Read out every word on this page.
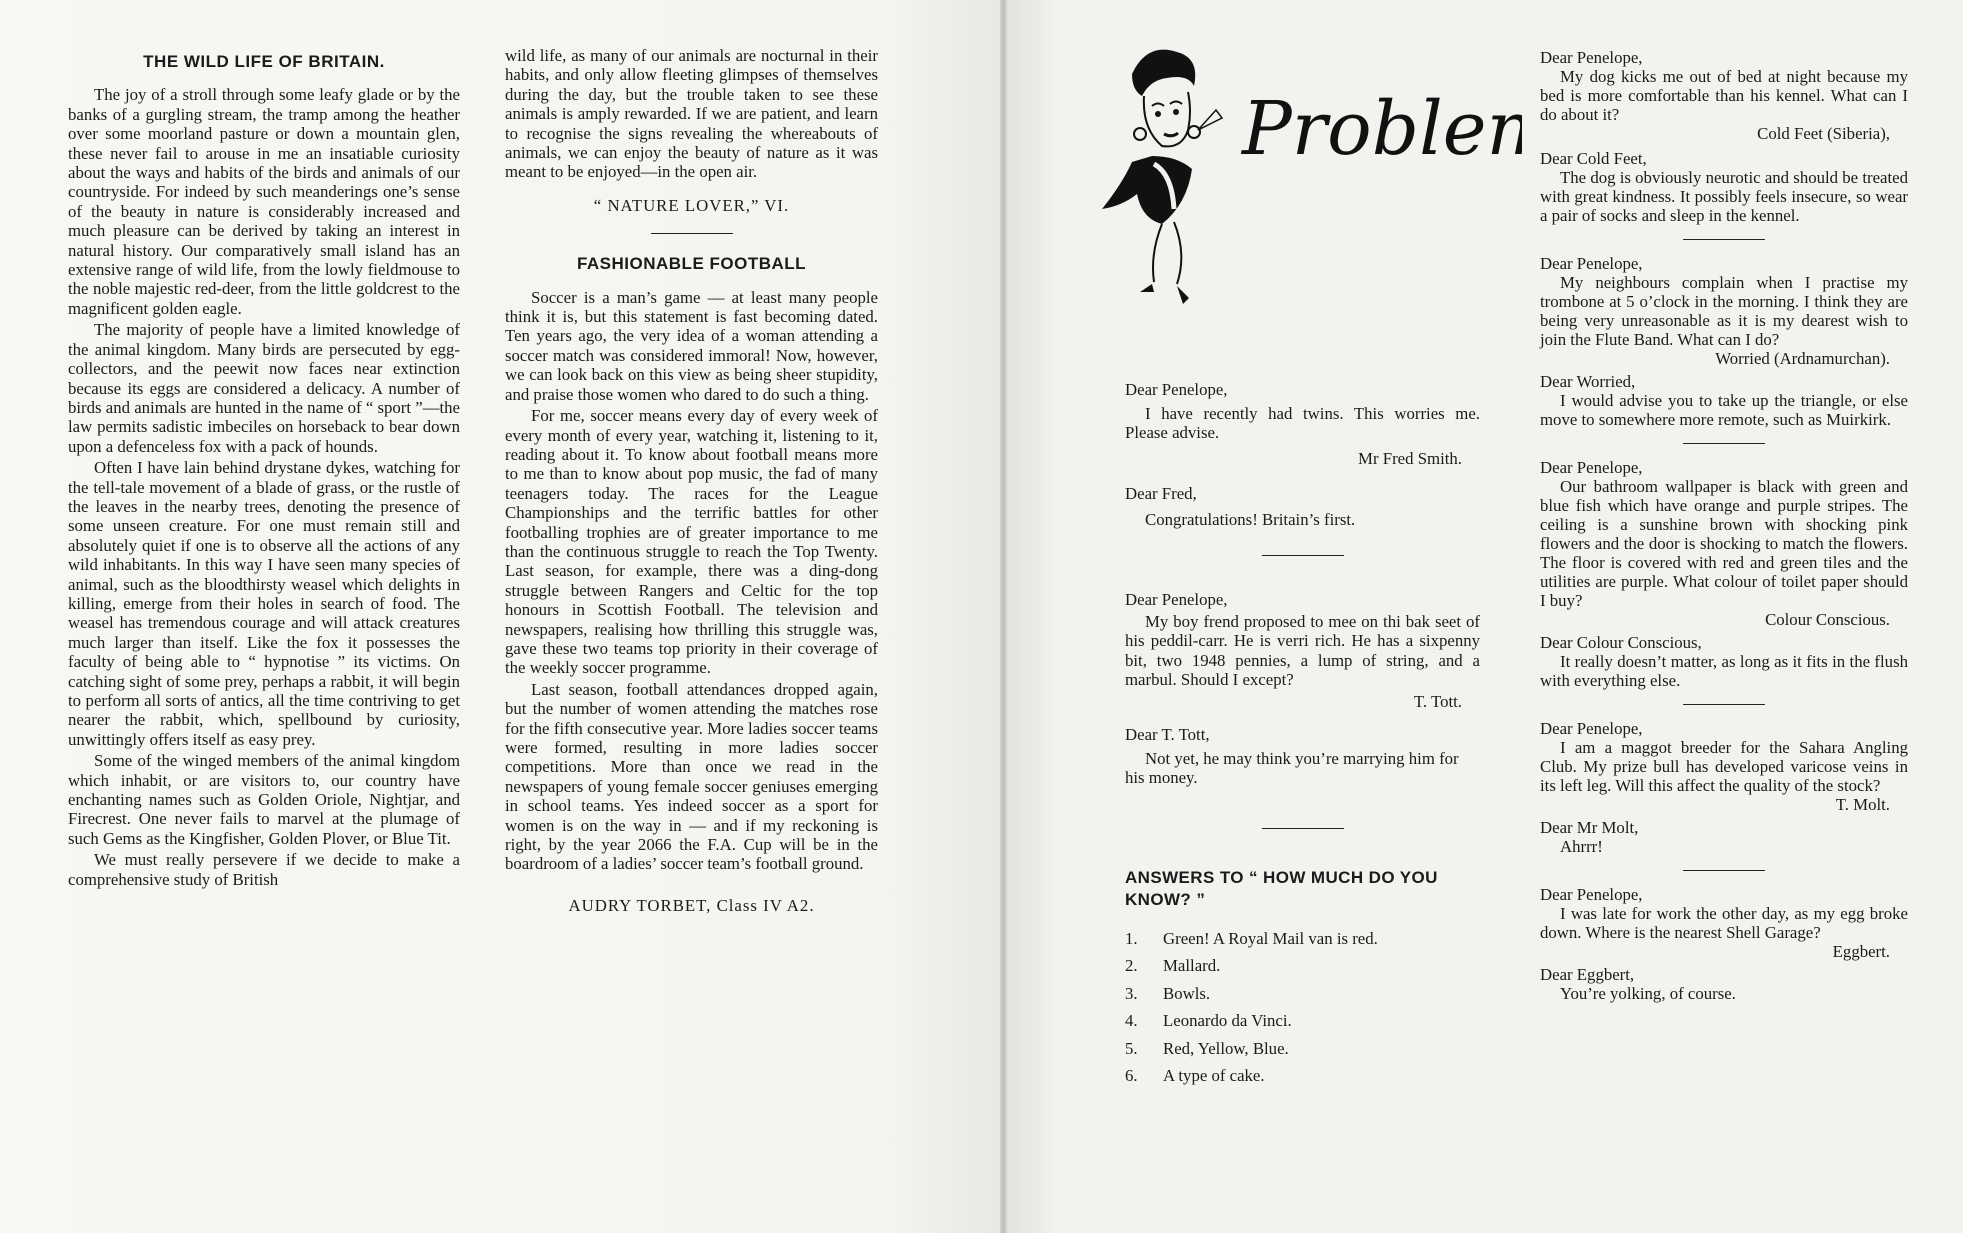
THE WILD LIFE OF BRITAIN.

The joy of a stroll through some leafy glade or by the banks of a gurgling stream, the tramp among the heather over some moorland pasture or down a mountain glen, these never fail to arouse in me an insatiable curiosity about the ways and habits of the birds and animals of our countryside. For indeed by such meanderings one’s sense of the beauty in nature is considerably increased and much pleasure can be derived by taking an interest in natural history. Our comparatively small island has an extensive range of wild life, from the lowly fieldmouse to the noble majestic red-deer, from the little goldcrest to the magnificent golden eagle.

The majority of people have a limited knowledge of the animal kingdom. Many birds are persecuted by egg-collectors, and the peewit now faces near extinction because its eggs are considered a delicacy. A number of birds and animals are hunted in the name of “ sport ”—the law permits sadistic imbeciles on horseback to bear down upon a defenceless fox with a pack of hounds.

Often I have lain behind drystane dykes, watching for the tell-tale movement of a blade of grass, or the rustle of the leaves in the nearby trees, denoting the presence of some unseen creature. For one must remain still and absolutely quiet if one is to observe all the actions of any wild inhabitants. In this way I have seen many species of animal, such as the bloodthirsty weasel which delights in killing, emerge from their holes in search of food. The weasel has tremendous courage and will attack creatures much larger than itself. Like the fox it possesses the faculty of being able to “ hypnotise ” its victims. On catching sight of some prey, perhaps a rabbit, it will begin to perform all sorts of antics, all the time contriving to get nearer the rabbit, which, spellbound by curiosity, unwittingly offers itself as easy prey.

Some of the winged members of the animal kingdom which inhabit, or are visitors to, our country have enchanting names such as Golden Oriole, Nightjar, and Firecrest. One never fails to marvel at the plumage of such Gems as the Kingfisher, Golden Plover, or Blue Tit.

We must really persevere if we decide to make a comprehensive study of British

wild life, as many of our animals are nocturnal in their habits, and only allow fleeting glimpses of themselves during the day, but the trouble taken to see these animals is amply rewarded. If we are patient, and learn to recognise the signs revealing the whereabouts of animals, we can enjoy the beauty of nature as it was meant to be enjoyed—in the open air.

“ NATURE LOVER,” VI.
FASHIONABLE FOOTBALL

Soccer is a man’s game — at least many people think it is, but this statement is fast becoming dated. Ten years ago, the very idea of a woman attending a soccer match was considered immoral! Now, however, we can look back on this view as being sheer stupidity, and praise those women who dared to do such a thing.

For me, soccer means every day of every week of every month of every year, watching it, listening to it, reading about it. To know about football means more to me than to know about pop music, the fad of many teenagers today. The races for the League Championships and the terrific battles for other footballing trophies are of greater importance to me than the continuous struggle to reach the Top Twenty. Last season, for example, there was a ding-dong struggle between Rangers and Celtic for the top honours in Scottish Football. The television and newspapers, realising how thrilling this struggle was, gave these two teams top priority in their coverage of the weekly soccer programme.

Last season, football attendances dropped again, but the number of women attending the matches rose for the fifth consecutive year. More ladies soccer teams were formed, resulting in more ladies soccer competitions. More than once we read in the newspapers of young female soccer geniuses emerging in school teams. Yes indeed soccer as a sport for women is on the way in — and if my reckoning is right, by the year 2066 the F.A. Cup will be in the boardroom of a ladies’ soccer team’s football ground.

AUDRY TORBET, Class IV A2.
Proble

Dear Penelope,

I have recently had twins. This worries me. Please advise.

Mr Fred Smith.

Dear Fred,

Congratulations! Britain’s first.

Dear Penelope,

My boy frend proposed to mee on thi bak seet of his peddil-carr. He is verri rich. He has a sixpenny bit, two 1948 pennies, a lump of string, and a marbul. Should I except?

T. Tott.

Dear T. Tott,

Not yet, he may think you’re marrying him for his money.

ANSWERS TO “ HOW MUCH DO YOU KNOW? ”
1.	Green! A Royal Mail van is red.
2.	Mallard.
3.	Bowls.
4.	Leonardo da Vinci.
5.	Red, Yellow, Blue.
6.	A type of cake.

Dear Penelope,

My dog kicks me out of bed at night because my bed is more comfortable than his kennel. What can I do about it?

Cold Feet (Siberia),

Dear Cold Feet,

The dog is obviously neurotic and should be treated with great kindness. It possibly feels insecure, so wear a pair of socks and sleep in the kennel.

Dear Penelope,

My neighbours complain when I practise my trombone at 5 o’clock in the morning. I think they are being very unreasonable as it is my dearest wish to join the Flute Band. What can I do?

Worried (Ardnamurchan).

Dear Worried,

I would advise you to take up the triangle, or else move to somewhere more remote, such as Muirkirk.

Dear Penelope,

Our bathroom wallpaper is black with green and blue fish which have orange and purple stripes. The ceiling is a sunshine brown with shocking pink flowers and the door is shocking to match the flowers. The floor is covered with red and green tiles and the utilities are purple. What colour of toilet paper should I buy?

Colour Conscious.

Dear Colour Conscious,

It really doesn’t matter, as long as it fits in the flush with everything else.

Dear Penelope,

I am a maggot breeder for the Sahara Angling Club. My prize bull has developed varicose veins in its left leg. Will this affect the quality of the stock?

T. Molt.

Dear Mr Molt,

Ahrrr!

Dear Penelope,

I was late for work the other day, as my egg broke down. Where is the nearest Shell Garage?

Eggbert.

Dear Eggbert,

You’re yolking, of course.
